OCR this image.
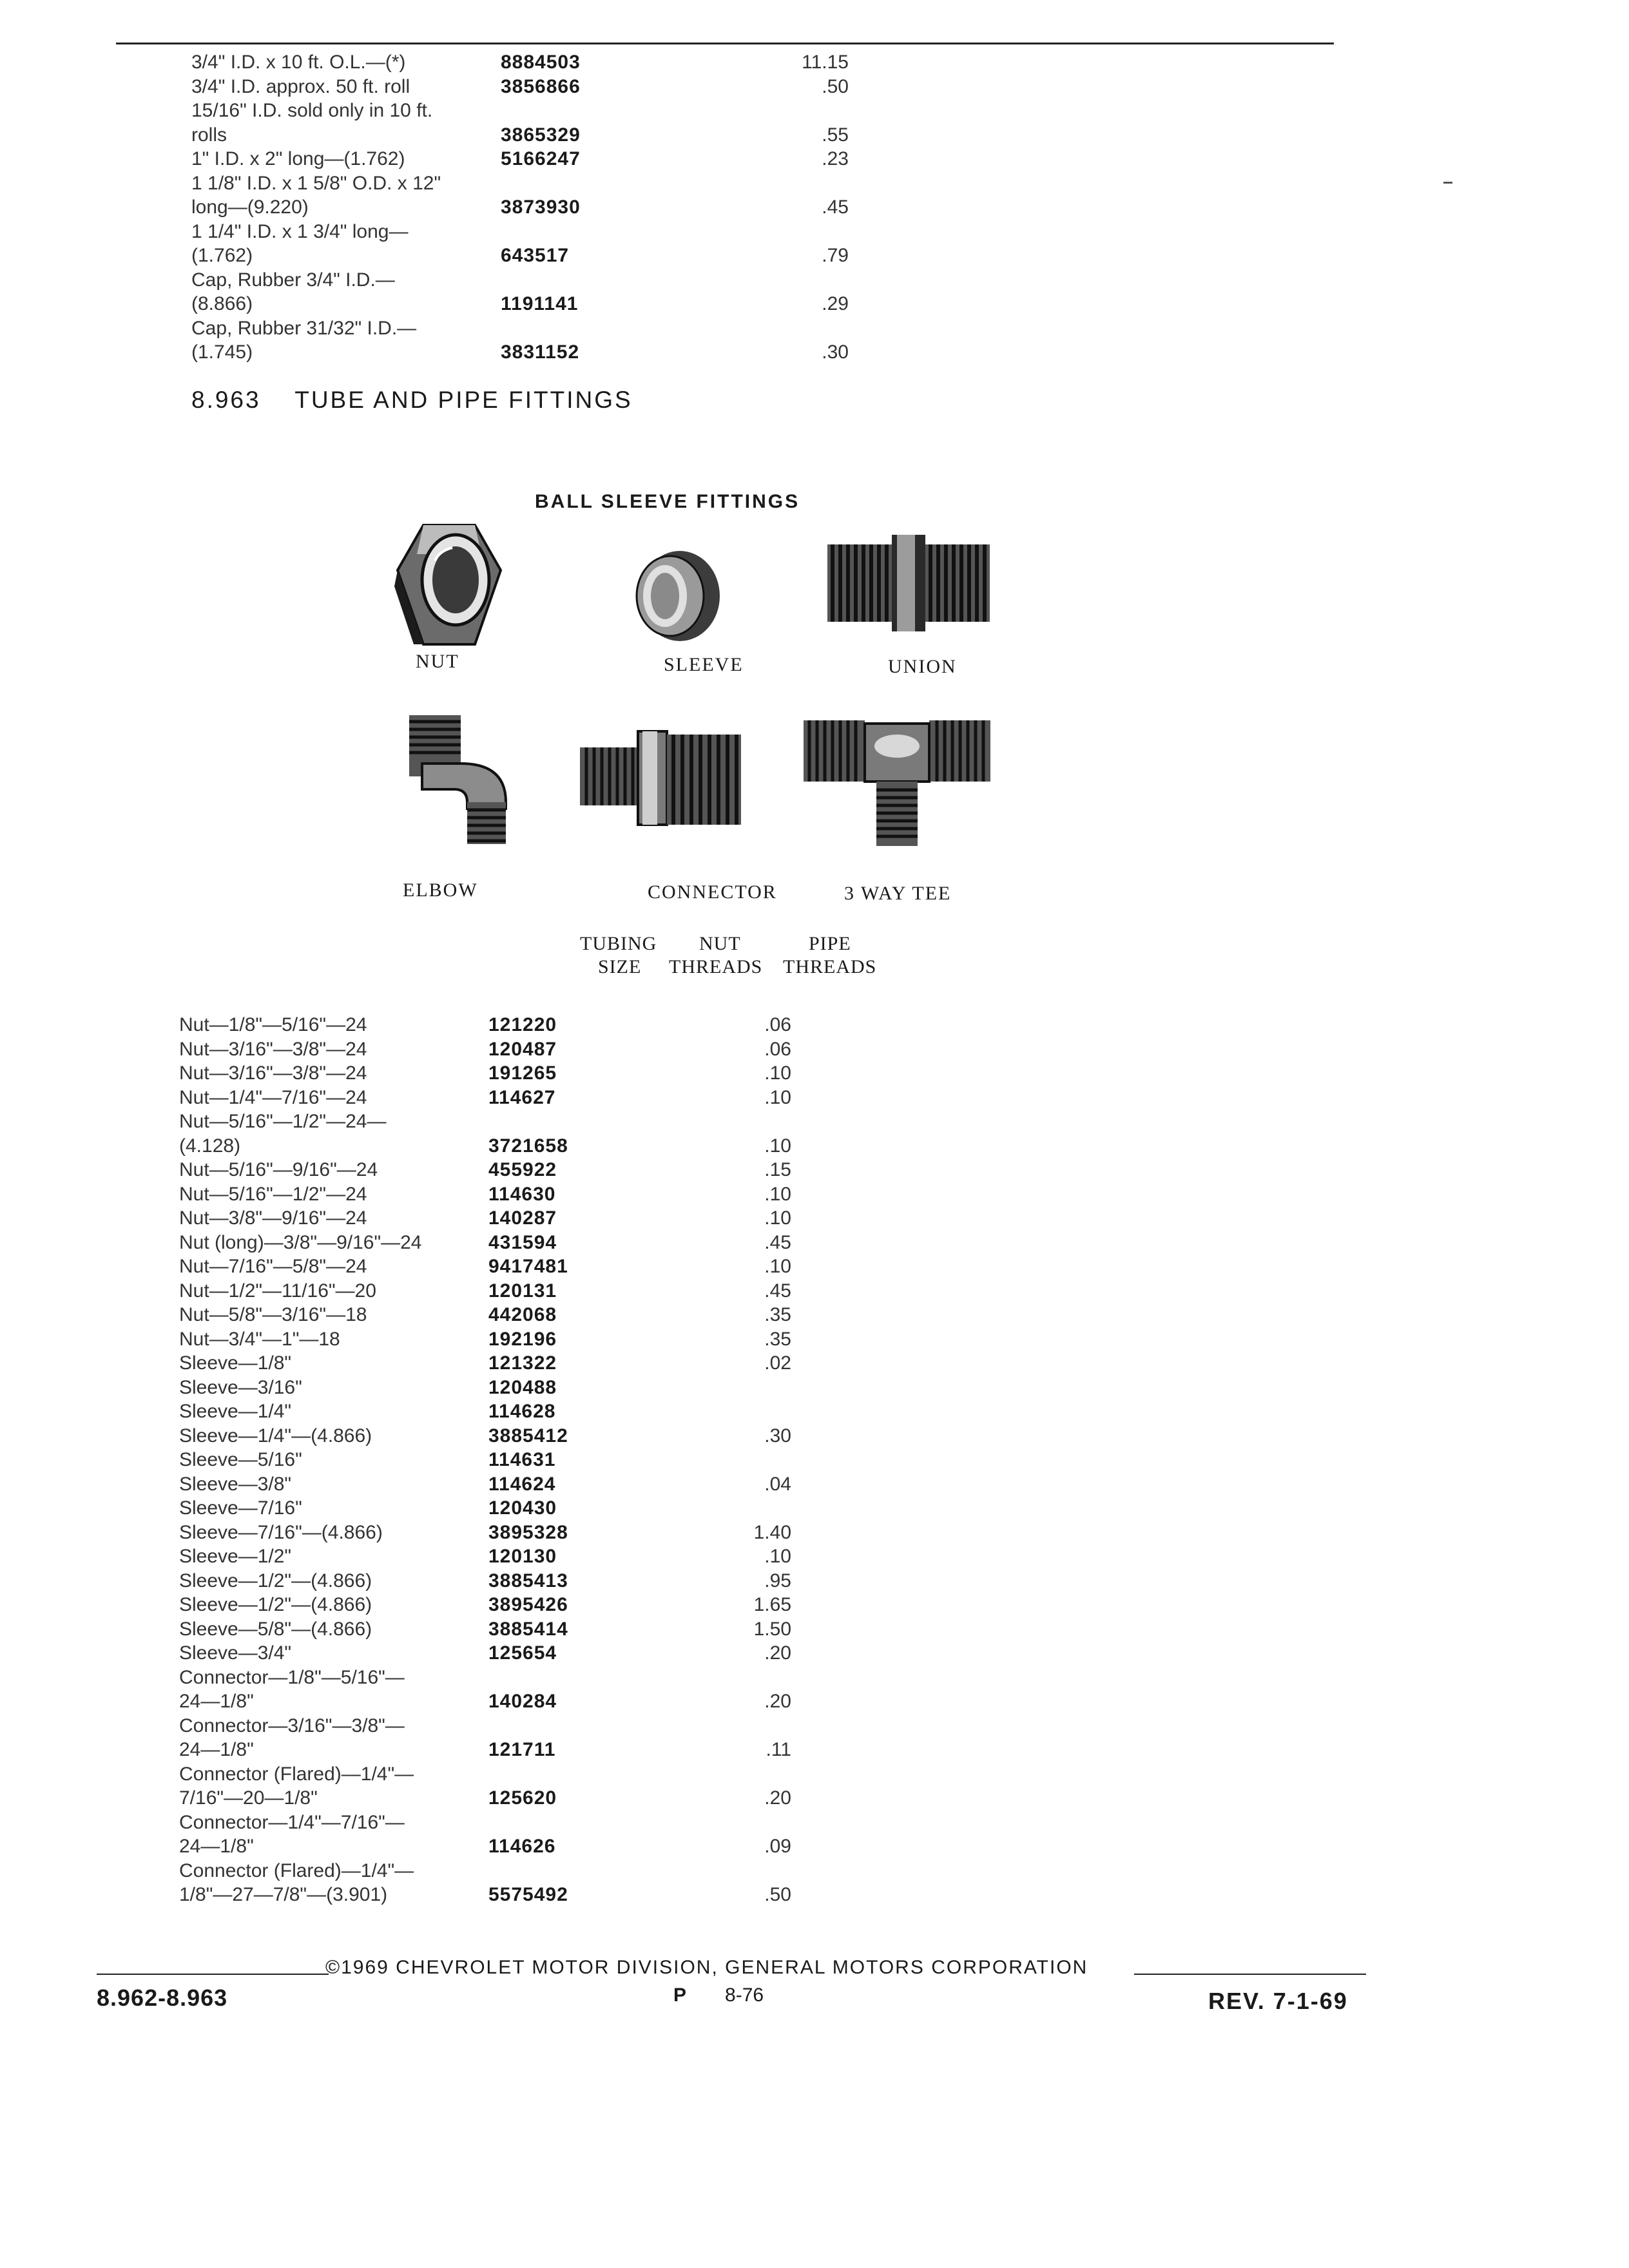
3/4" I.D. x 10 ft. O.L.—(*)	8884503	11.15
3/4" I.D. approx. 50 ft. roll	3856866	.50
15/16" I.D. sold only in 10 ft.
rolls	3865329	.55
1" I.D. x 2" long—(1.762)	5166247	.23
1 1/8" I.D. x 1 5/8" O.D. x 12"
long—(9.220)	3873930	.45
1 1/4" I.D. x 1 3/4" long—
(1.762)	643517	.79
Cap, Rubber 3/4" I.D.—
(8.866)	1191141	.29
Cap, Rubber 31/32" I.D.—
(1.745)	3831152	.30
8.963 TUBE AND PIPE FITTINGS
BALL SLEEVE FITTINGS
NUT	SLEEVE	UNION
ELBOW	CONNECTOR	3 WAY TEE
TUBING NUT	PIPE
SIZE THREADS THREADS
Nut—1/8"—5/16"—24	121220	.06
Nut—3/16"—3/8"—24	120487	.06
Nut—3/16"—3/8"—24	191265	.10
Nut—1/4"—7/16"—24	114627	.10
Nut—5/16"—1/2"—24—
(4.128)	3721658	.10
Nut—5/16"—9/16"—24	455922	.15
Nut—5/16"—1/2"—24	114630	.10
Nut—3/8"—9/16"—24	140287	.10
Nut (long)—3/8"—9/16"—24	431594	.45
Nut—7/16"—5/8"—24	9417481	.10
Nut—1/2"—11/16"—20	120131	.45
Nut—5/8"—3/16"—18	442068	.35
Nut—3/4"—1"—18	192196	.35
Sleeve—1/8"	121322	.02
Sleeve—3/16"	120488
Sleeve—1/4"	114628
Sleeve—1/4"—(4.866)	3885412	.30
Sleeve—5/16"	114631
Sleeve—3/8"	114624	.04
Sleeve—7/16"	120430
Sleeve—7/16"—(4.866)	3895328	1.40
Sleeve—1/2"	120130	.10
Sleeve—1/2"—(4.866)	3885413	.95
Sleeve—1/2"—(4.866)	3895426	1.65
Sleeve—5/8"—(4.866)	3885414	1.50
Sleeve—3/4"	125654	.20
Connector—1/8"—5/16"—
24—1/8"	140284	.20
Connector—3/16"—3/8"—
24—1/8"	121711	.11
Connector (Flared)—1/4"—
7/16"—20—1/8"	125620	.20
Connector—1/4"—7/16"—
24—1/8"	114626	.09
Connector (Flared)—1/4"—
1/8"—27—7/8"—(3.901)	5575492	.50
©1969 CHEVROLET MOTOR DIVISION, GENERAL MOTORS CORPORATION
8.962-8.963	P 8-76	REV. 7-1-69
